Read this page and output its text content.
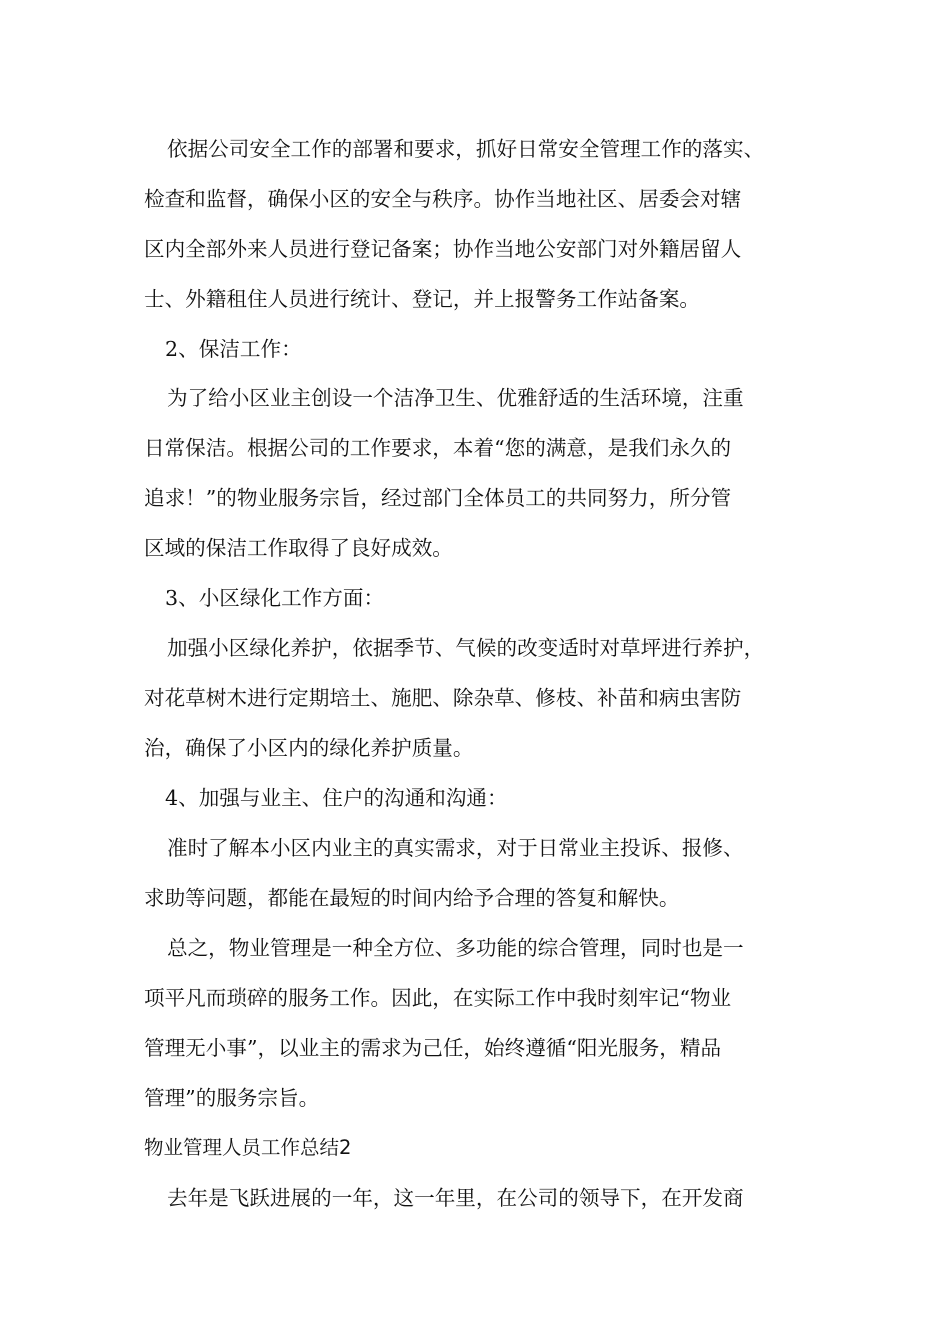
依据公司安全工作的部署和要求，抓好日常安全管理工作的落实、
检查和监督，确保小区的安全与秩序。协作当地社区、居委会对辖
区内全部外来人员进行登记备案；协作当地公安部门对外籍居留人
士、外籍租住人员进行统计、登记，并上报警务工作站备案。
2、保洁工作：
为了给小区业主创设一个洁净卫生、优雅舒适的生活环境，注重
日常保洁。根据公司的工作要求，本着“您的满意，是我们永久的
追求！”的物业服务宗旨，经过部门全体员工的共同努力，所分管
区域的保洁工作取得了良好成效。
3、小区绿化工作方面：
加强小区绿化养护，依据季节、气候的改变适时对草坪进行养护，
对花草树木进行定期培土、施肥、除杂草、修枝、补苗和病虫害防
治，确保了小区内的绿化养护质量。
4、加强与业主、住户的沟通和沟通：
准时了解本小区内业主的真实需求，对于日常业主投诉、报修、
求助等问题，都能在最短的时间内给予合理的答复和解快。
总之，物业管理是一种全方位、多功能的综合管理，同时也是一
项平凡而琐碎的服务工作。因此，在实际工作中我时刻牢记“物业
管理无小事”，以业主的需求为己任，始终遵循“阳光服务，精品
管理”的服务宗旨。
物业管理人员工作总结2
去年是飞跃进展的一年，这一年里，在公司的领导下，在开发商
